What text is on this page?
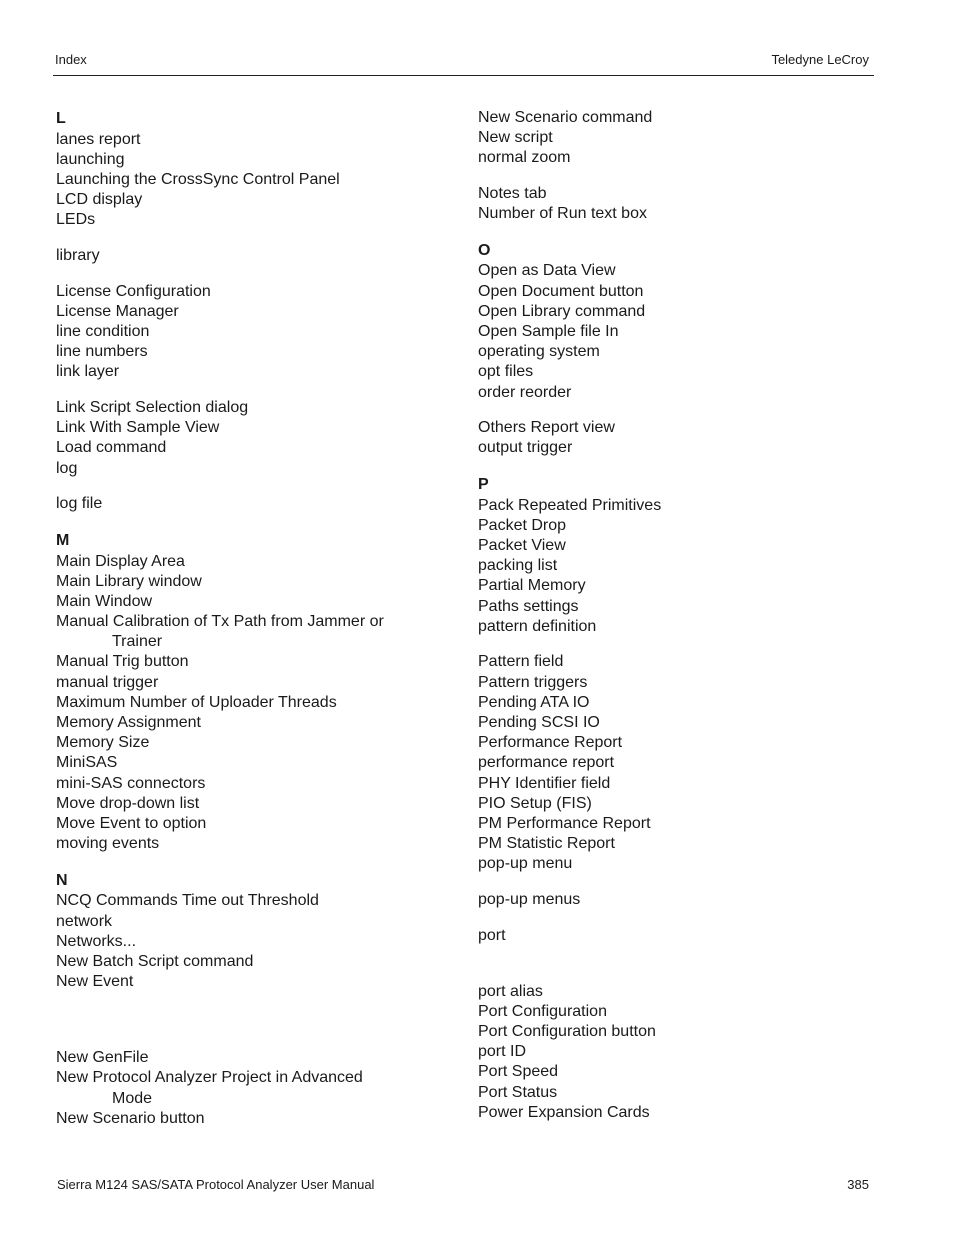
Index	Teledyne LeCroy
L
lanes report
launching
Launching the CrossSync Control Panel
LCD display
LEDs
library
License Configuration
License Manager
line condition
line numbers
link layer
Link Script Selection dialog
Link With Sample View
Load command
log
log file
M
Main Display Area
Main Library window
Main Window
Manual Calibration of Tx Path from Jammer or
Trainer
Manual Trig button
manual trigger
Maximum Number of Uploader Threads
Memory Assignment
Memory Size
MiniSAS
mini-SAS connectors
Move drop-down list
Move Event to option
moving events
N
NCQ Commands Time out Threshold
network
Networks...
New Batch Script command
New Event
New GenFile
New Protocol Analyzer Project in Advanced
Mode
New Scenario button
New Scenario command
New script
normal zoom
Notes tab
Number of Run text box
O
Open as Data View
Open Document button
Open Library command
Open Sample file In
operating system
opt files
order reorder
Others Report view
output trigger
P
Pack Repeated Primitives
Packet Drop
Packet View
packing list
Partial Memory
Paths settings
pattern definition
Pattern field
Pattern triggers
Pending ATA IO
Pending SCSI IO
Performance Report
performance report
PHY Identifier field
PIO Setup (FIS)
PM Performance Report
PM Statistic Report
pop-up menu
pop-up menus
port
port alias
Port Configuration
Port Configuration button
port ID
Port Speed
Port Status
Power Expansion Cards
Sierra M124 SAS/SATA Protocol Analyzer User Manual	385
